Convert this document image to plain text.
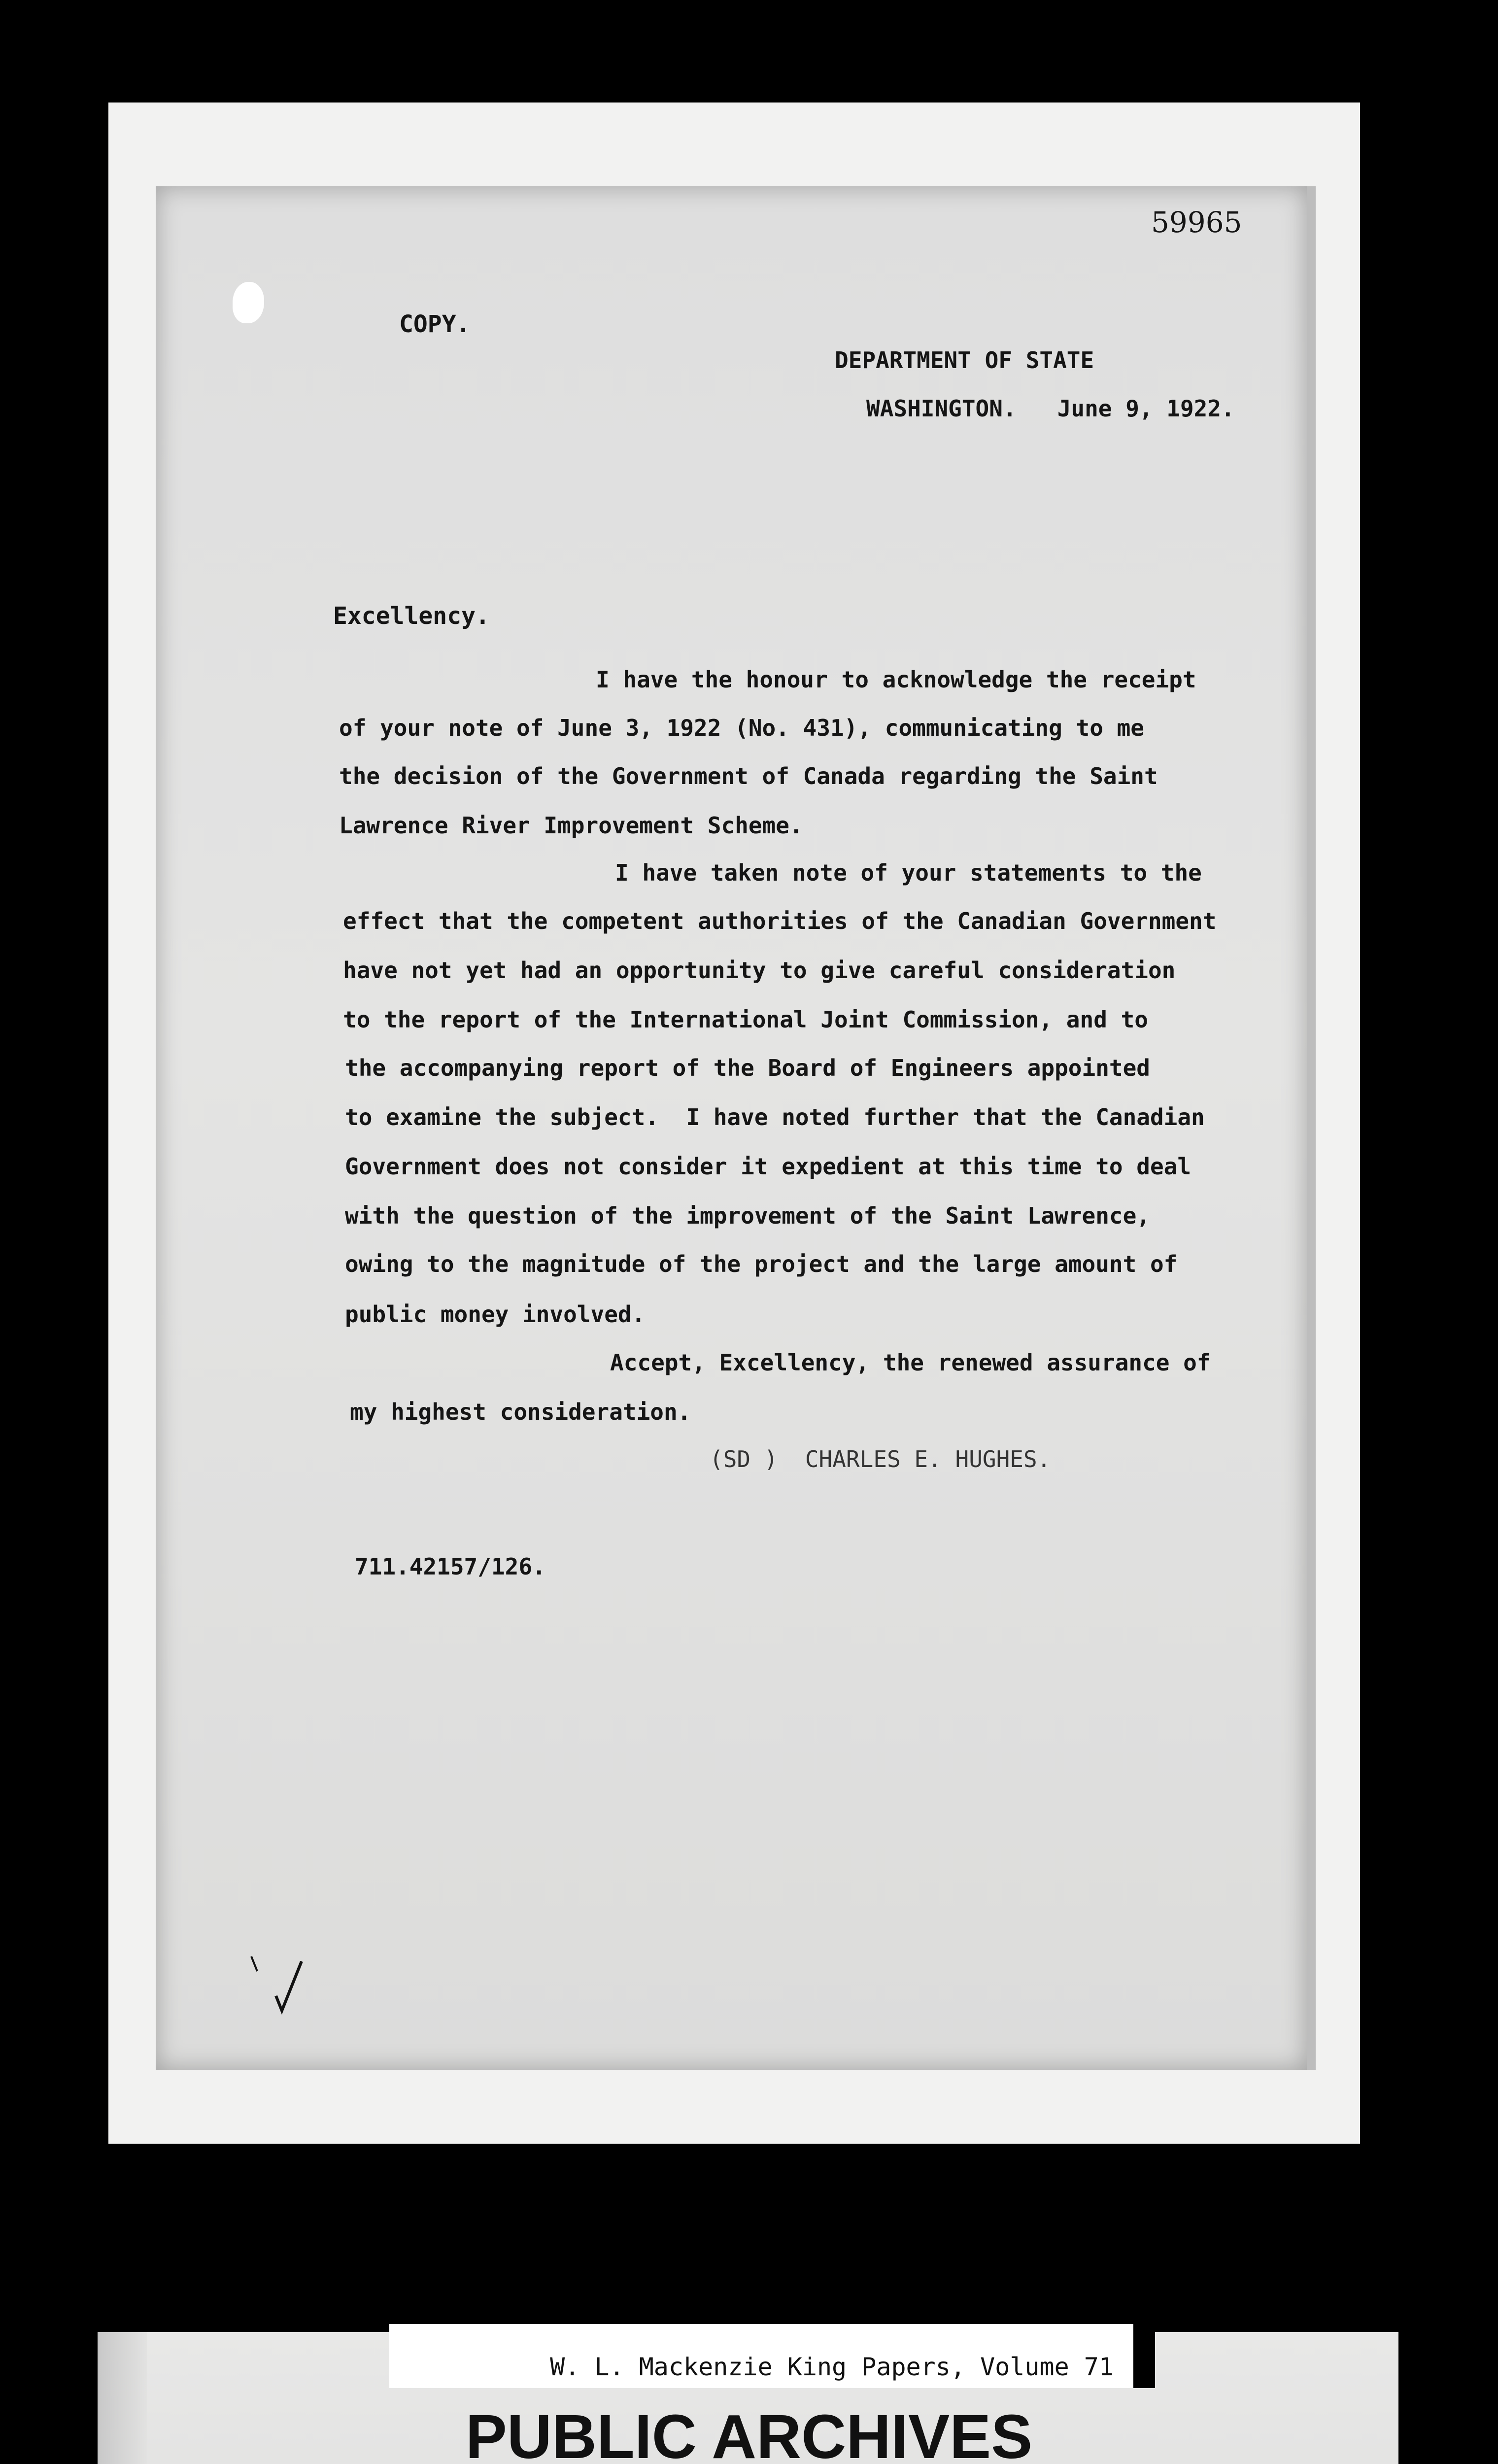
59965
COPY.
DEPARTMENT OF STATE
WASHINGTON.   June 9, 1922.
Excellency.
I have the honour to acknowledge the receipt
of your note of June 3, 1922 (No. 431), communicating to me
the decision of the Government of Canada regarding the Saint
Lawrence River Improvement Scheme.
I have taken note of your statements to the
effect that the competent authorities of the Canadian Government
have not yet had an opportunity to give careful consideration
to the report of the International Joint Commission, and to
the accompanying report of the Board of Engineers appointed
to examine the subject.  I have noted further that the Canadian
Government does not consider it expedient at this time to deal
with the question of the improvement of the Saint Lawrence,
owing to the magnitude of the project and the large amount of
public money involved.
Accept, Excellency, the renewed assurance of
my highest consideration.
(SD )  CHARLES E. HUGHES.
711.42157/126.
W. L. Mackenzie King Papers, Volume 71
PUBLIC ARCHIVES
